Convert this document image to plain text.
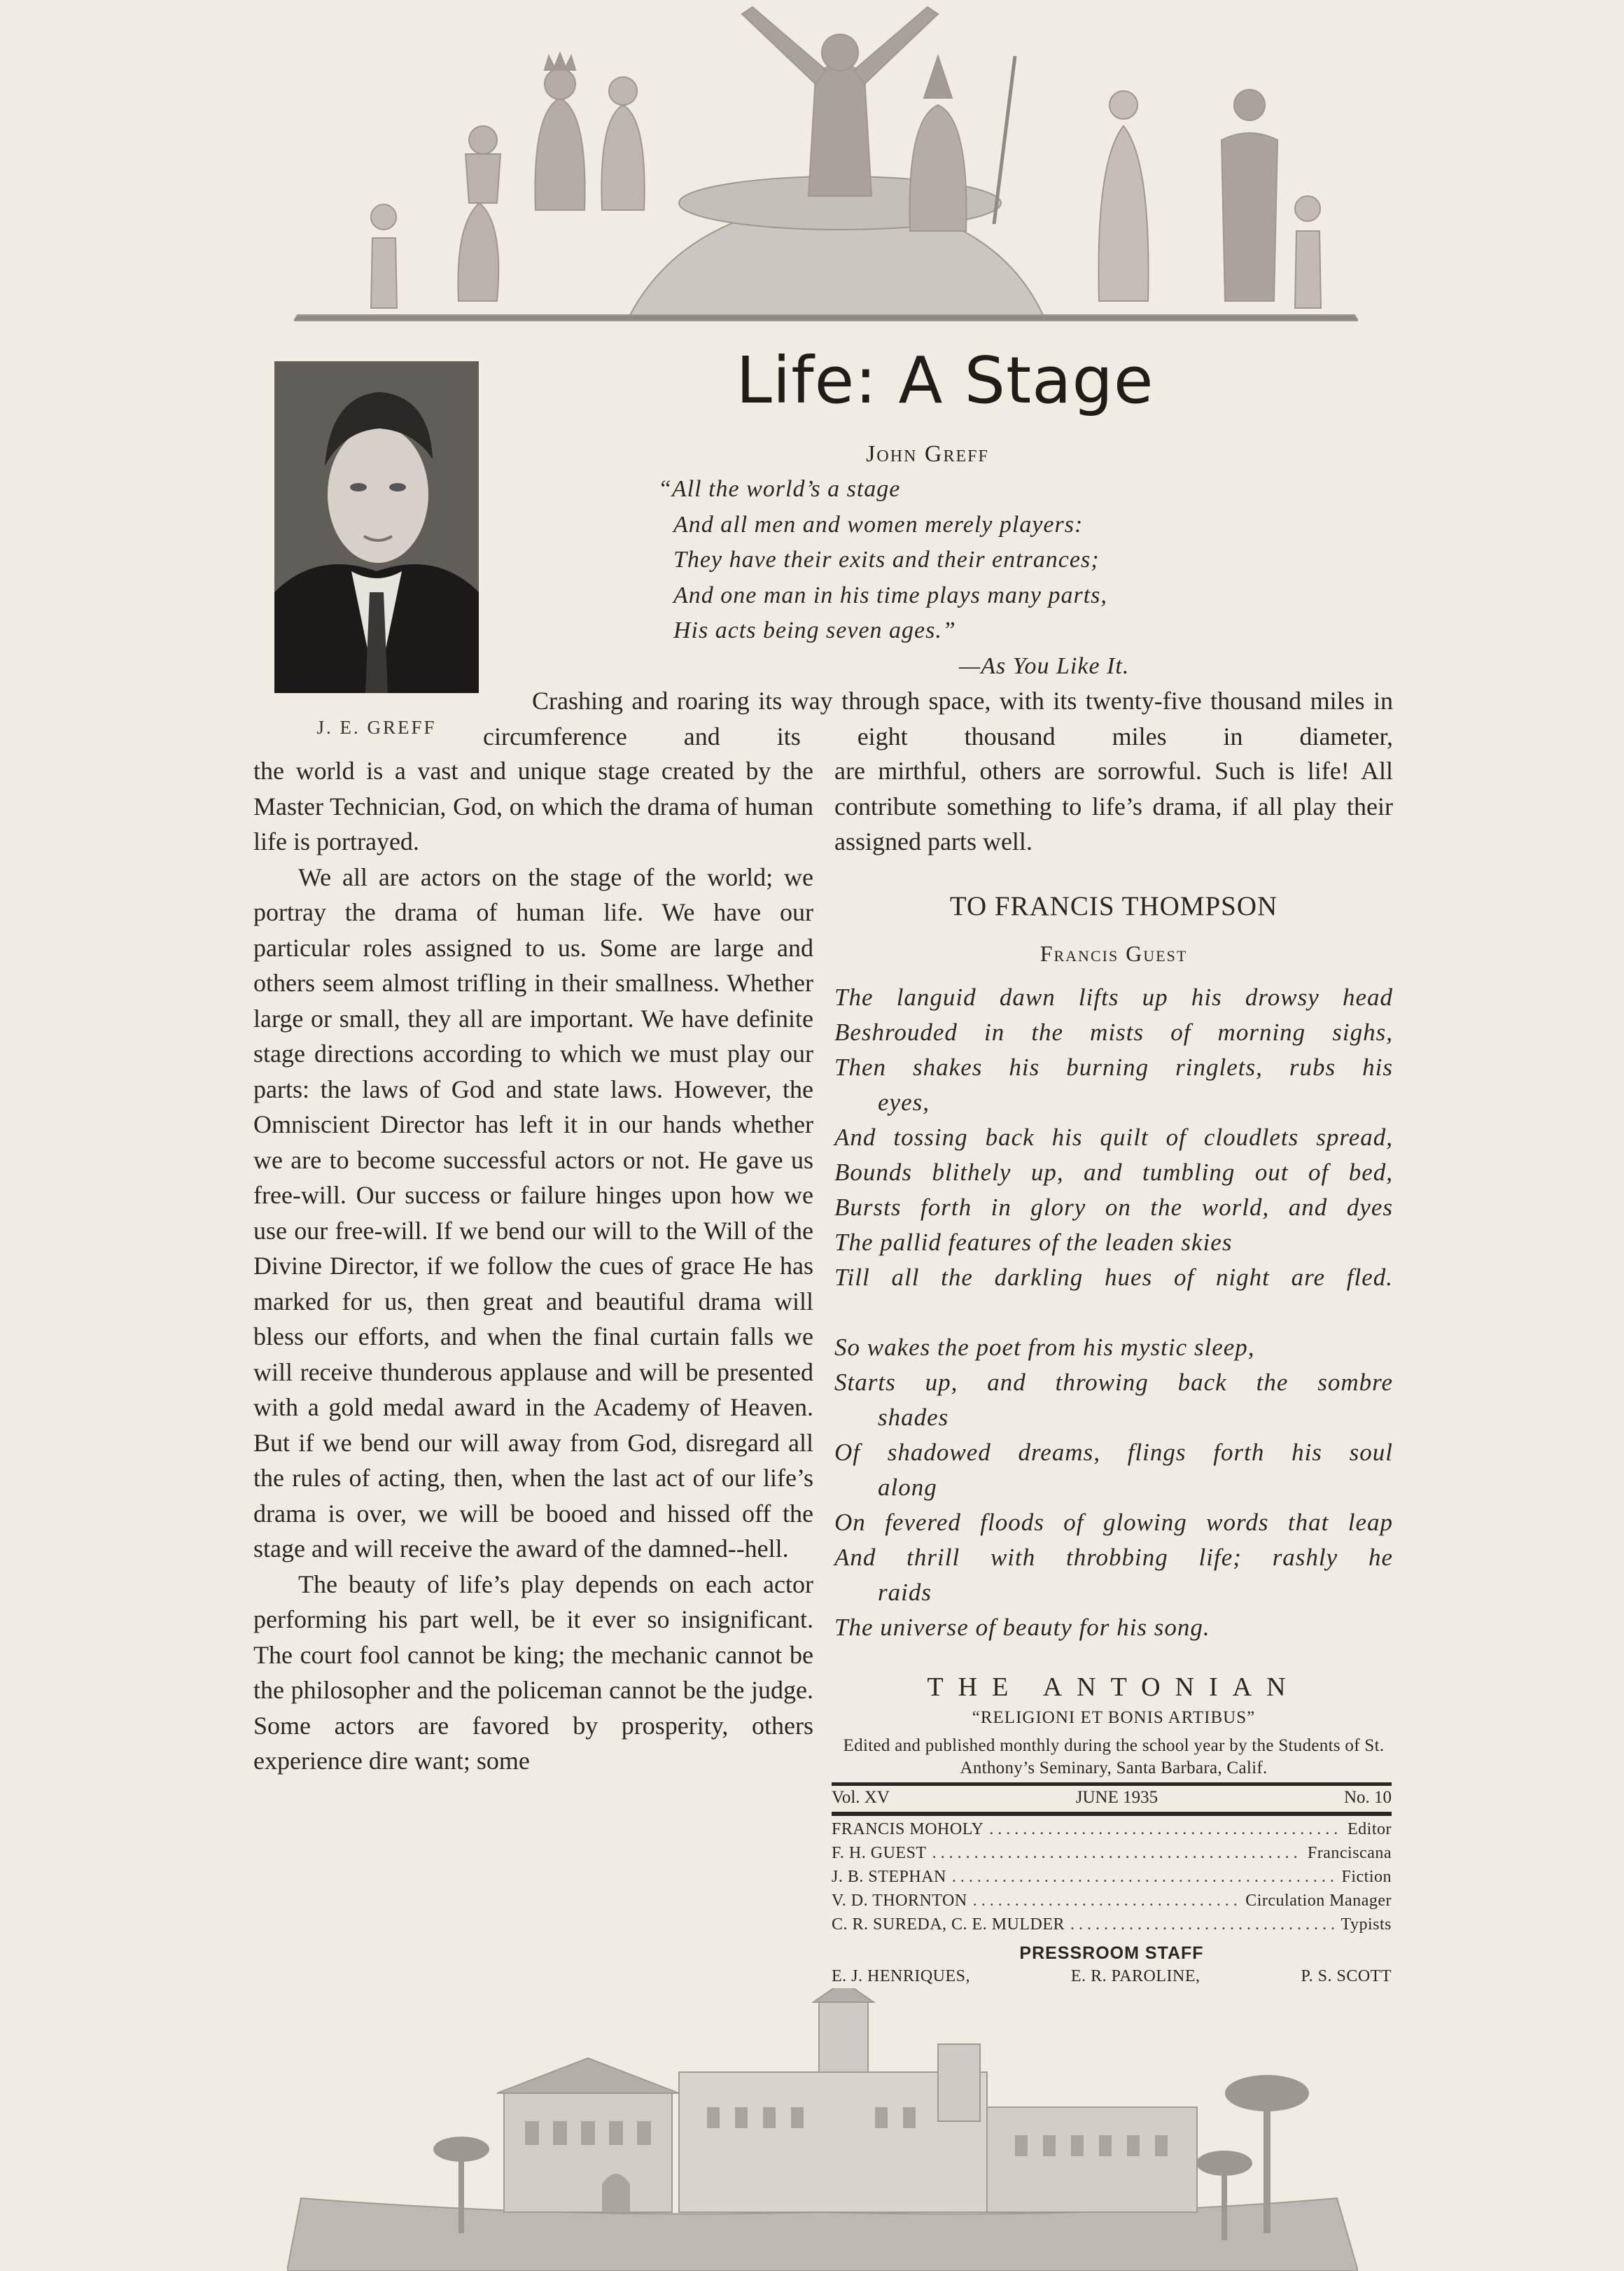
J. E. GREFF
Life: A Stage
John Greff
“All the world’s a stage
And all men and women merely players:
They have their exits and their entrances;
And one man in his time plays many parts,
His acts being seven ages.”
—As You Like It.
Crashing and roaring its way through space, with its twenty-five thousand miles in circumference and its eight thousand miles in diameter,

the world is a vast and unique stage created by the Master Technician, God, on which the drama of human life is portrayed.

We all are actors on the stage of the world; we portray the drama of human life. We have our particular roles assigned to us. Some are large and others seem almost trifling in their smallness. Whether large or small, they all are important. We have definite stage directions according to which we must play our parts: the laws of God and state laws. However, the Omniscient Director has left it in our hands whether we are to become successful actors or not. He gave us free-will. Our success or failure hinges upon how we use our free-will. If we bend our will to the Will of the Divine Director, if we follow the cues of grace He has marked for us, then great and beautiful drama will bless our efforts, and when the final curtain falls we will receive thunderous applause and will be presented with a gold medal award in the Academy of Heaven. But if we bend our will away from God, disregard all the rules of acting, then, when the last act of our life’s drama is over, we will be booed and hissed off the stage and will receive the award of the damned--hell.

The beauty of life’s play depends on each actor performing his part well, be it ever so insignificant. The court fool cannot be king; the mechanic cannot be the philosopher and the policeman cannot be the judge. Some actors are favored by prosperity, others experience dire want; some

are mirthful, others are sorrowful. Such is life! All contribute something to life’s drama, if all play their assigned parts well.

TO FRANCIS THOMPSON
Francis Guest
The languid dawn lifts up his drowsy head
Beshrouded in the mists of morning sighs,
Then shakes his burning ringlets, rubs his
eyes,
And tossing back his quilt of cloudlets spread,
Bounds blithely up, and tumbling out of bed,
Bursts forth in glory on the world, and dyes
The pallid features of the leaden skies
Till all the darkling hues of night are fled.
So wakes the poet from his mystic sleep,
Starts up, and throwing back the sombre
shades
Of shadowed dreams, flings forth his soul
along
On fevered floods of glowing words that leap
And thrill with throbbing life; rashly he
raids
The universe of beauty for his song.
THE ANTONIAN
“RELIGIONI ET BONIS ARTIBUS”
Edited and published monthly during the school year by the Students of St. Anthony’s Seminary, Santa Barbara, Calif.
Vol. XV	JUNE 1935	No. 10
FRANCIS MOHOLY .....	Editor
F. H. GUEST .....	Franciscana
J. B. STEPHAN .....	Fiction
V. D. THORNTON .....	Circulation Manager
C. R. SUREDA, C. E. MULDER .....	Typists
PRESSROOM STAFF
E. J. HENRIQUES,	E. R. PAROLINE,	P. S. SCOTT
